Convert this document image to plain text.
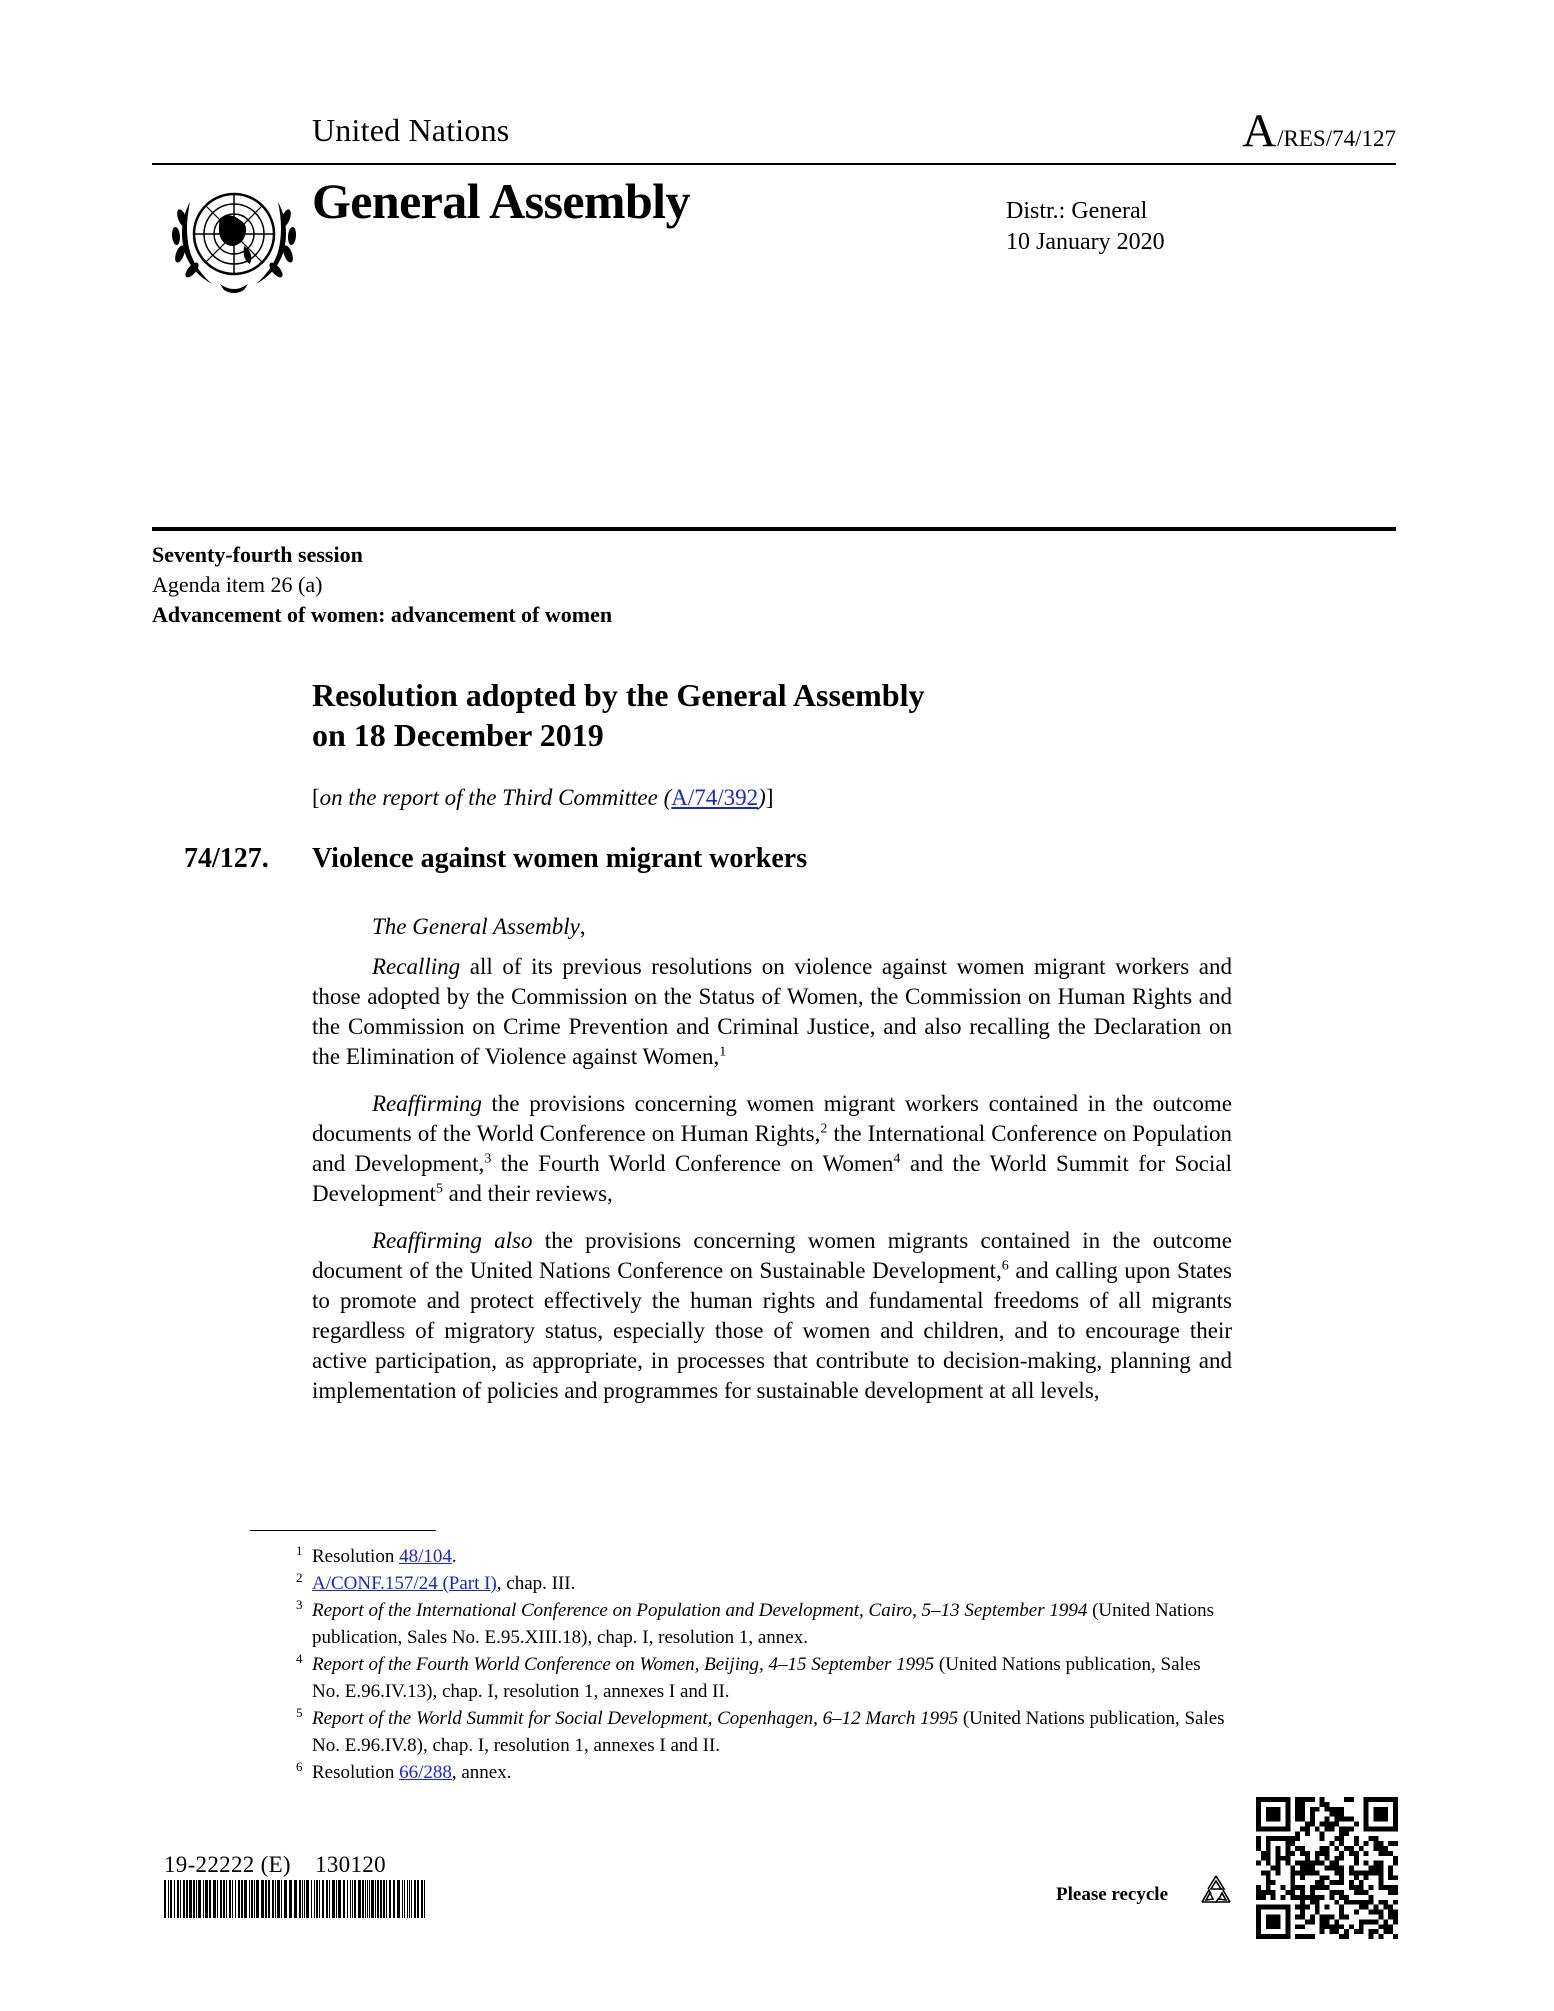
United Nations	A/RES/74/127
General Assembly	Distr.: General
10 January 2020
Seventy-fourth session
Agenda item 26 (a)
Advancement of women: advancement of women
Resolution adopted by the General Assembly
on 18 December 2019
[on the report of the Third Committee (A/74/392)]
74/127. Violence against women migrant workers

The General Assembly,

Recalling all of its previous resolutions on violence against women migrant workers and those adopted by the Commission on the Status of Women, the Commission on Human Rights and the Commission on Crime Prevention and Criminal Justice, and also recalling the Declaration on the Elimination of Violence against Women,$^1$

Reaffirming the provisions concerning women migrant workers contained in the outcome documents of the World Conference on Human Rights,$^2$ the International Conference on Population and Development,$^3$ the Fourth World Conference on Women$^4$ and the World Summit for Social Development$^5$ and their reviews,

Reaffirming also the provisions concerning women migrants contained in the outcome document of the United Nations Conference on Sustainable Development,$^6$ and calling upon States to promote and protect effectively the human rights and fundamental freedoms of all migrants regardless of migratory status, especially those of women and children, and to encourage their active participation, as appropriate, in processes that contribute to decision-making, planning and implementation of policies and programmes for sustainable development at all levels,

1 Resolution 48/104.
2 A/CONF.157/24 (Part I), chap. III.
3 Report of the International Conference on Population and Development, Cairo, 5–13 September 1994 (United Nations publication, Sales No. E.95.XIII.18), chap. I, resolution 1, annex.
4 Report of the Fourth World Conference on Women, Beijing, 4–15 September 1995 (United Nations publication, Sales No. E.96.IV.13), chap. I, resolution 1, annexes I and II.
5 Report of the World Summit for Social Development, Copenhagen, 6–12 March 1995 (United Nations publication, Sales No. E.96.IV.8), chap. I, resolution 1, annexes I and II.
6 Resolution 66/288, annex.
19-22222 (E)    130120
Please recycle
